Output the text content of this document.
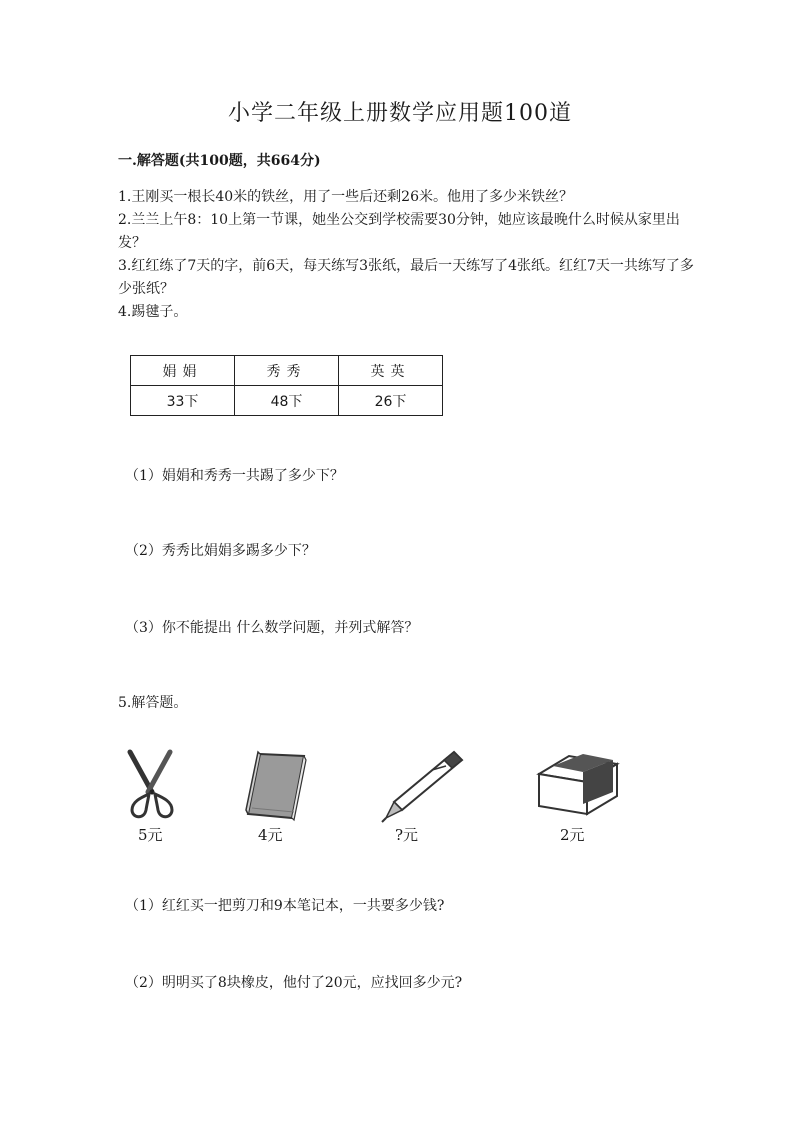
小学二年级上册数学应用题100道
一.解答题(共100题，共664分)

1.王刚买一根长40米的铁丝，用了一些后还剩26米。他用了多少米铁丝？

2.兰兰上午8：10上第一节课，她坐公交到学校需要30分钟，她应该最晚什么时候从家里出发？

3.红红练了7天的字，前6天，每天练写3张纸，最后一天练写了4张纸。红红7天一共练写了多少张纸？

4.踢毽子。

娟娟	秀秀	英英
33下	48下	26下
（1）娟娟和秀秀一共踢了多少下？
（2）秀秀比娟娟多踢多少下？
（3）你不能提出 什么数学问题，并列式解答？
5.解答题。
5元	4元	?元	2元
（1）红红买一把剪刀和9本笔记本，一共要多少钱?
（2）明明买了8块橡皮，他付了20元，应找回多少元?
